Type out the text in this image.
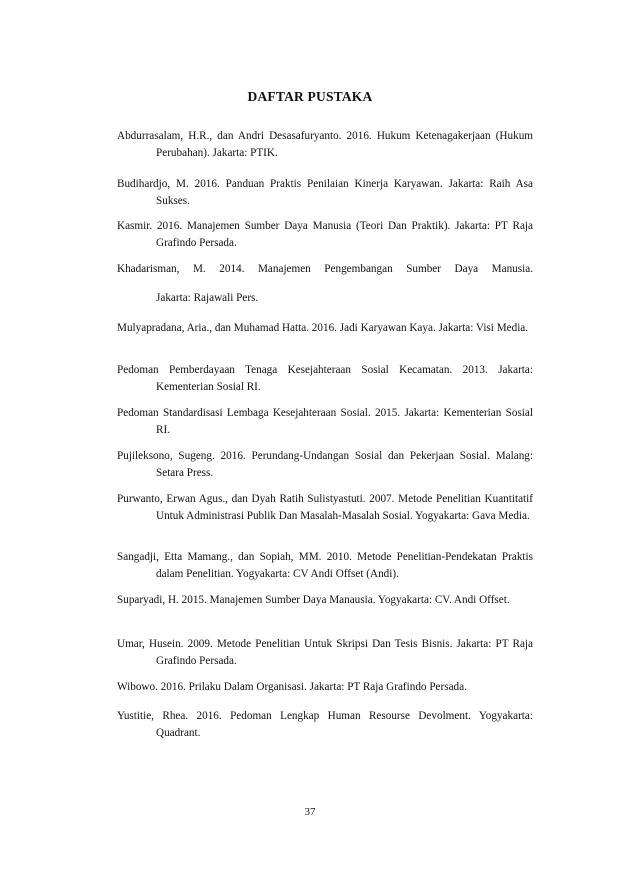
DAFTAR PUSTAKA
Abdurrasalam, H.R., dan Andri Desasafuryanto. 2016. Hukum Ketenagakerjaan (Hukum Perubahan). Jakarta: PTIK.
Budihardjo, M. 2016. Panduan Praktis Penilaian Kinerja Karyawan. Jakarta: Raih Asa Sukses.
Kasmir. 2016. Manajemen Sumber Daya Manusia (Teori Dan Praktik). Jakarta: PT Raja Grafindo Persada.
Khadarisman, M. 2014. Manajemen Pengembangan Sumber Daya Manusia.
Jakarta: Rajawali Pers.
Mulyapradana, Aria., dan Muhamad Hatta. 2016. Jadi Karyawan Kaya. Jakarta: Visi Media.
Pedoman Pemberdayaan Tenaga Kesejahteraan Sosial Kecamatan. 2013. Jakarta: Kementerian Sosial RI.
Pedoman Standardisasi Lembaga Kesejahteraan Sosial. 2015. Jakarta: Kementerian Sosial RI.
Pujileksono, Sugeng. 2016. Perundang-Undangan Sosial dan Pekerjaan Sosial. Malang: Setara Press.
Purwanto, Erwan Agus., dan Dyah Ratih Sulistyastuti. 2007. Metode Penelitian Kuantitatif Untuk Administrasi Publik Dan Masalah-Masalah Sosial. Yogyakarta: Gava Media.
Sangadji, Etta Mamang., dan Sopiah, MM. 2010. Metode Penelitian-Pendekatan Praktis dalam Penelitian. Yogyakarta: CV Andi Offset (Andi).
Suparyadi, H. 2015. Manajemen Sumber Daya Manausia. Yogyakarta: CV. Andi Offset.
Umar, Husein. 2009. Metode Penelitian Untuk Skripsi Dan Tesis Bisnis. Jakarta: PT Raja Grafindo Persada.
Wibowo. 2016. Prilaku Dalam Organisasi. Jakarta: PT Raja Grafindo Persada.
Yustitie, Rhea. 2016. Pedoman Lengkap Human Resourse Devolment. Yogyakarta: Quadrant.
37
